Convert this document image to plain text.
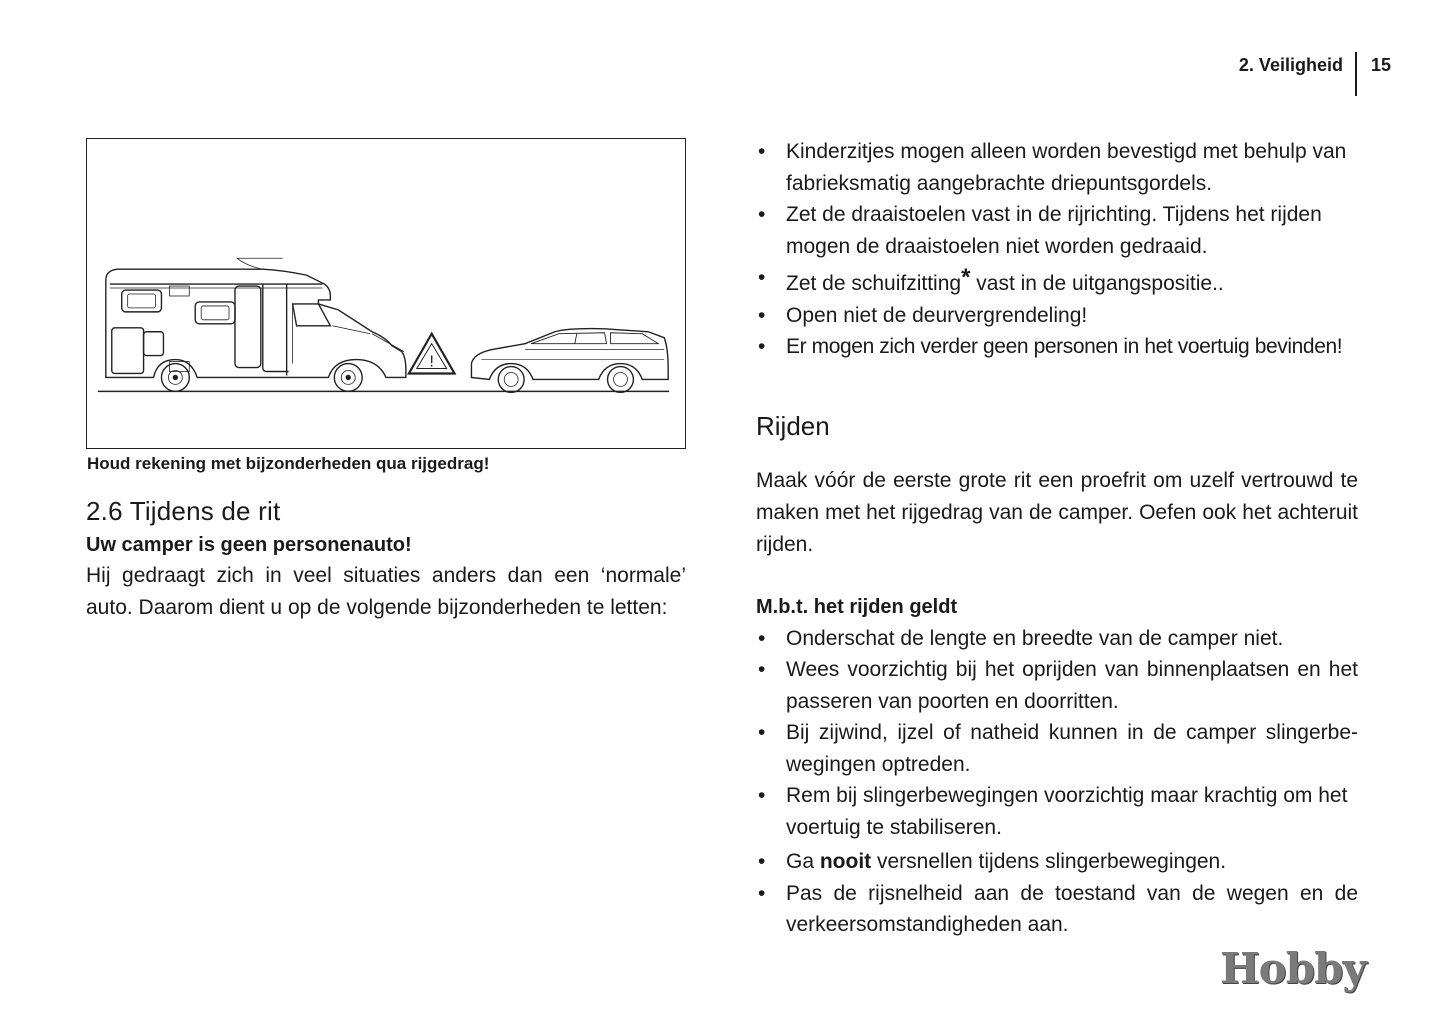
2. Veiligheid	15
!
Houd rekening met bijzonderheden qua rijgedrag!
2.6 Tijdens de rit
Uw camper is geen personenauto!

Hij gedraagt zich in veel situaties anders dan een ‘normale’ auto. Daarom dient u op de volgende bijzonderheden te letten:

• Kinderzitjes mogen alleen worden bevestigd met behulp van fabrieksmatig aangebrachte driepuntsgordels.
• Zet de draaistoelen vast in de rijrichting. Tijdens het rijden mogen de draaistoelen niet worden gedraaid.
• Zet de schuifzitting* vast in de uitgangspositie..
• Open niet de deurvergrendeling!
• Er mogen zich verder geen personen in het voertuig bevinden!
Rijden
Maak vóór de eerste grote rit een proefrit om uzelf vertrouwd te maken met het rijgedrag van de camper. Oefen ook het achteruit rijden.
M.b.t. het rijden geldt
• Onderschat de lengte en breedte van de camper niet.
• Wees voorzichtig bij het oprijden van binnenplaatsen en het passeren van poorten en doorritten.
• Bij zijwind, ijzel of natheid kunnen in de camper slingerbe-wegingen optreden.
• Rem bij slingerbewegingen voorzichtig maar krachtig om het voertuig te stabiliseren.
• Ga nooit versnellen tijdens slingerbewegingen.
• Pas de rijsnelheid aan de toestand van de wegen en de verkeersomstandigheden aan.
Hobby
